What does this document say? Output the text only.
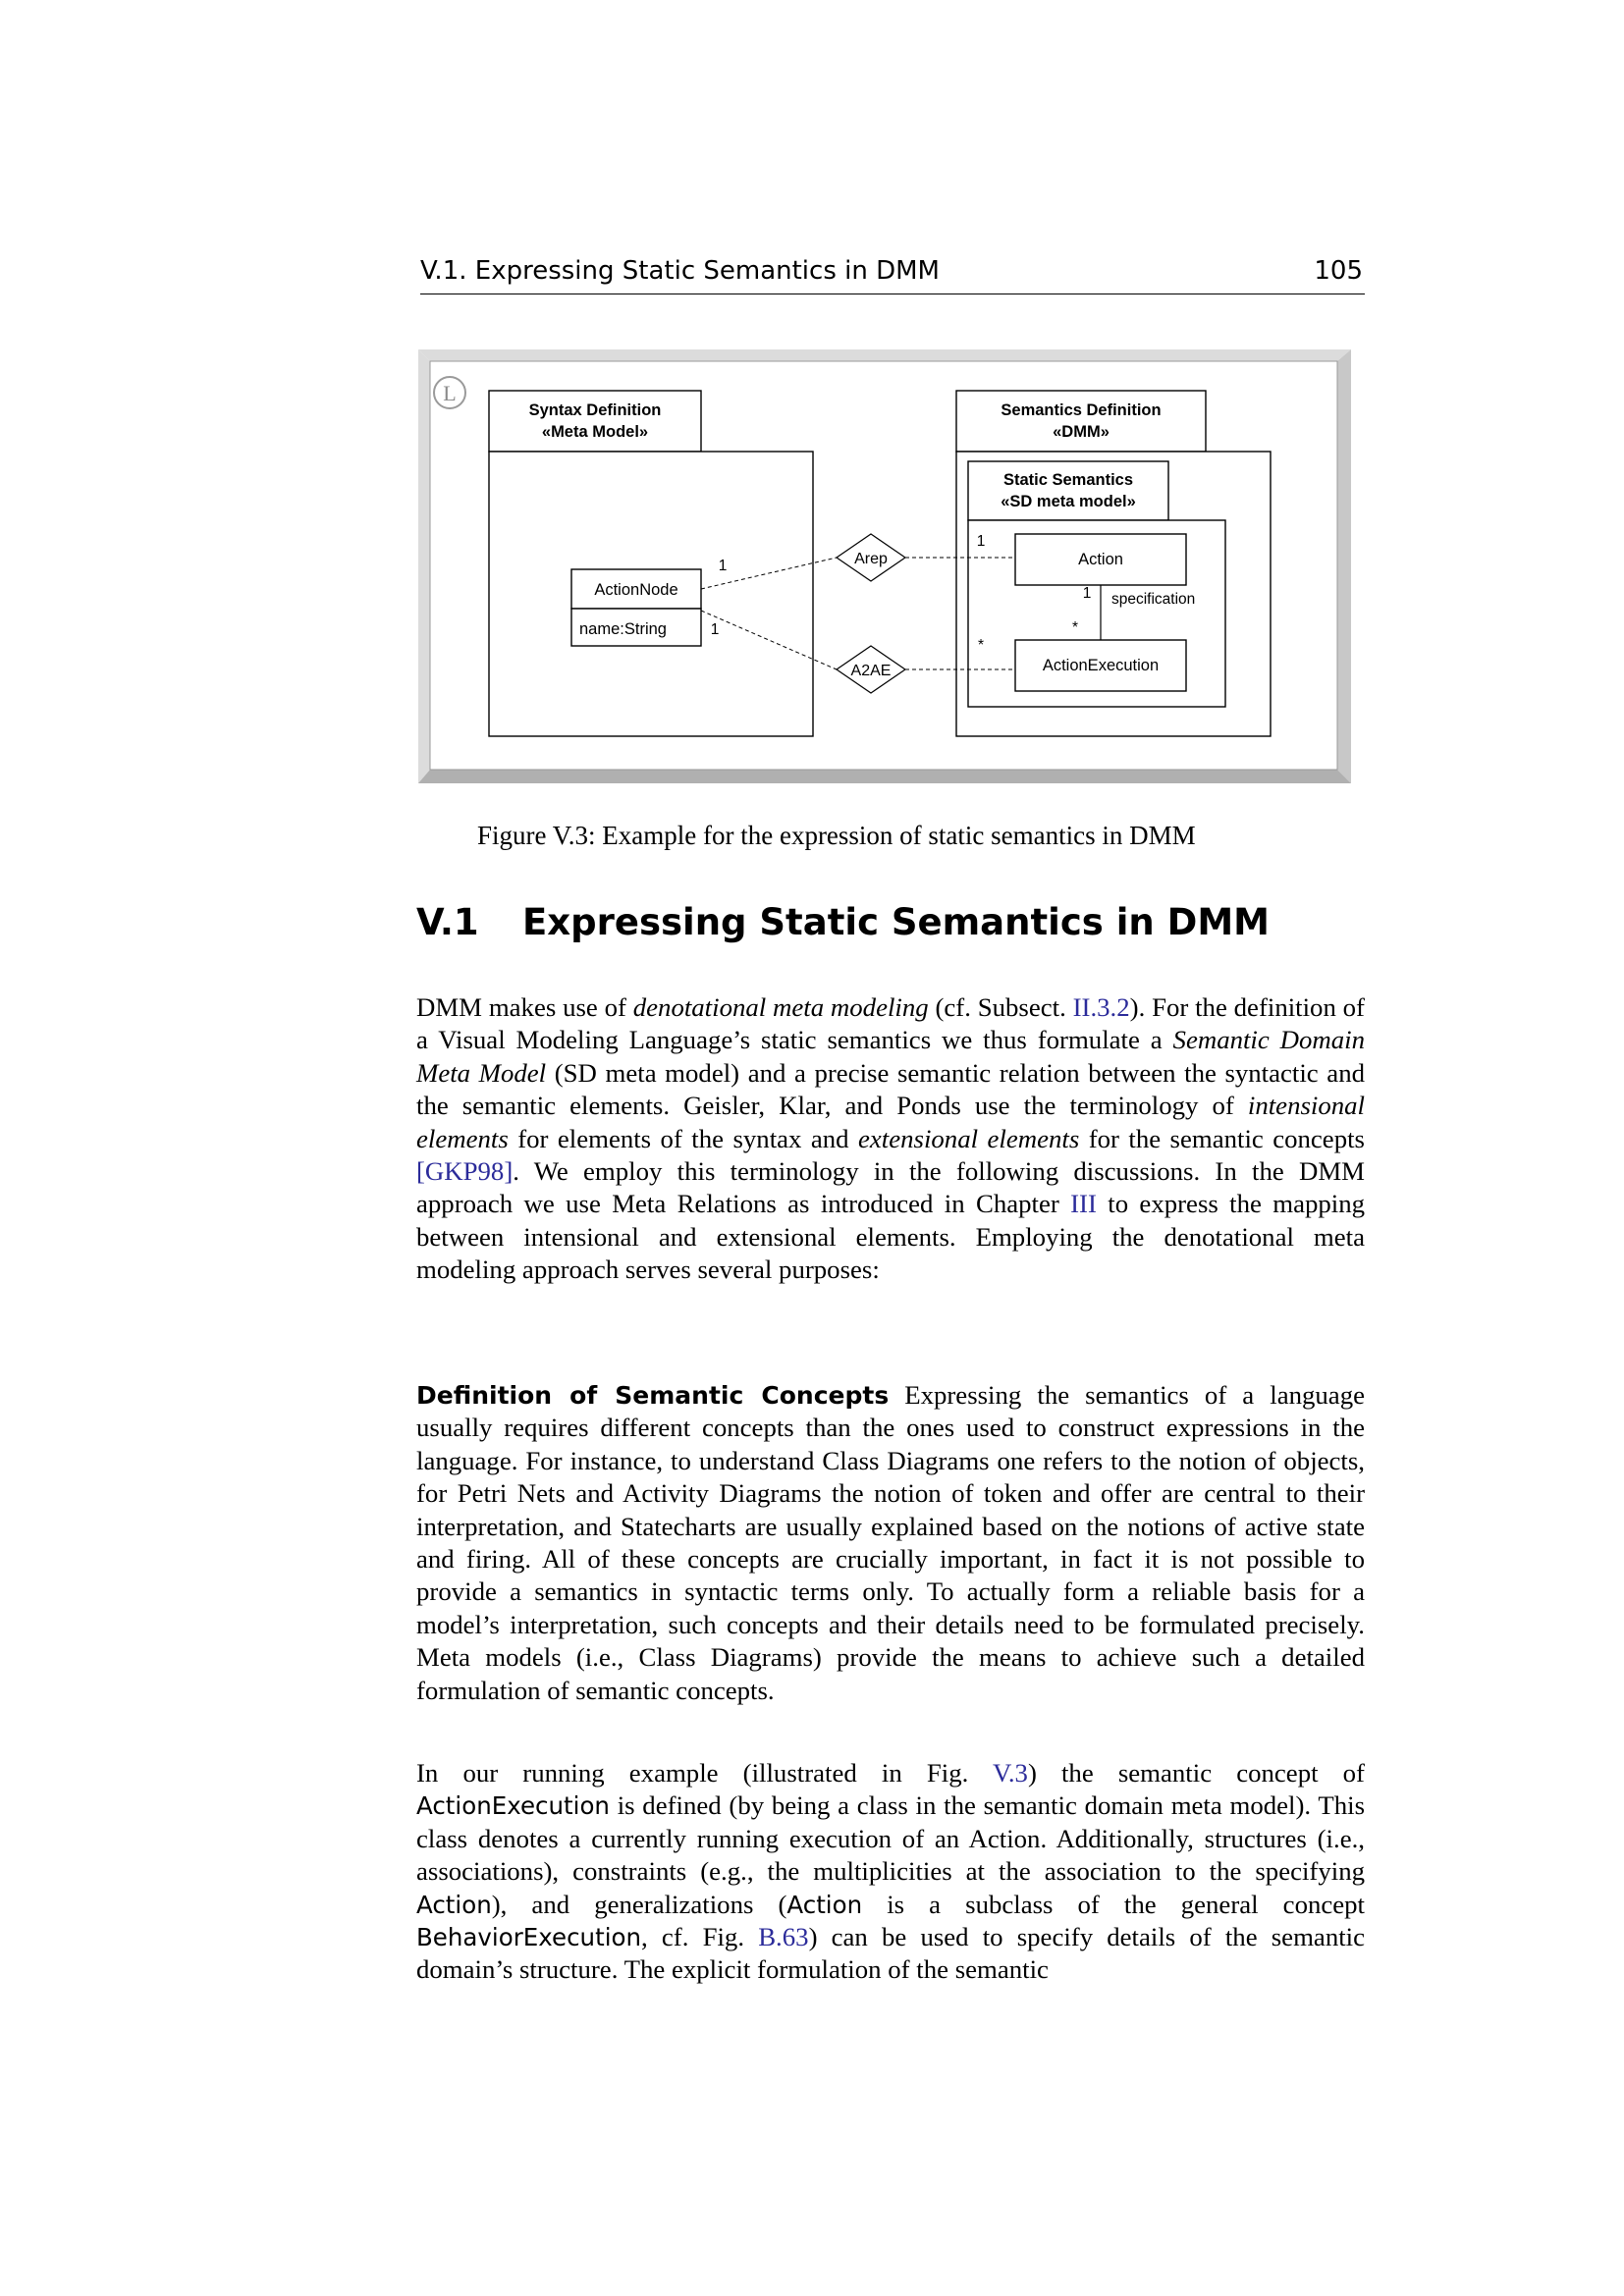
V.1. Expressing Static Semantics in DMM	105
L
Syntax Definition
«Meta Model»
Semantics Definition
«DMM»
Static Semantics
«SD meta model»
ActionNode
name:String
Action
ActionExecution
specification
1
*
Arep
A2AE
1
1
1
*
Figure V.3: Example for the expression of static semantics in DMM
V.1 Expressing Static Semantics in DMM

DMM makes use of denotational meta modeling (cf. Subsect. II.3.2). For the definition of a Visual Modeling Language’s static semantics we thus formulate a Semantic Domain Meta Model (SD meta model) and a precise semantic relation between the syntactic and the semantic elements. Geisler, Klar, and Ponds use the terminology of intensional elements for elements of the syntax and extensional elements for the semantic concepts [GKP98]. We employ this terminology in the following discussions. In the DMM approach we use Meta Relations as introduced in Chapter III to express the mapping between intensional and extensional elements. Employing the denotational meta modeling approach serves several purposes:

Definition of Semantic Concepts Expressing the semantics of a language usually requires different concepts than the ones used to construct expressions in the language. For instance, to understand Class Diagrams one refers to the notion of objects, for Petri Nets and Activity Diagrams the notion of token and offer are central to their interpretation, and Statecharts are usually explained based on the notions of active state and firing. All of these concepts are crucially important, in fact it is not possible to provide a semantics in syntactic terms only. To actually form a reliable basis for a model’s interpretation, such concepts and their details need to be formulated precisely. Meta models (i.e., Class Diagrams) provide the means to achieve such a detailed formulation of semantic concepts.

In our running example (illustrated in Fig. V.3) the semantic concept of ActionExecution is defined (by being a class in the semantic domain meta model). This class denotes a currently running execution of an Action. Additionally, structures (i.e., associations), constraints (e.g., the multiplicities at the association to the specifying Action), and generalizations (Action is a subclass of the general concept BehaviorExecution, cf. Fig. B.63) can be used to specify details of the semantic domain’s structure. The explicit formulation of the semantic
